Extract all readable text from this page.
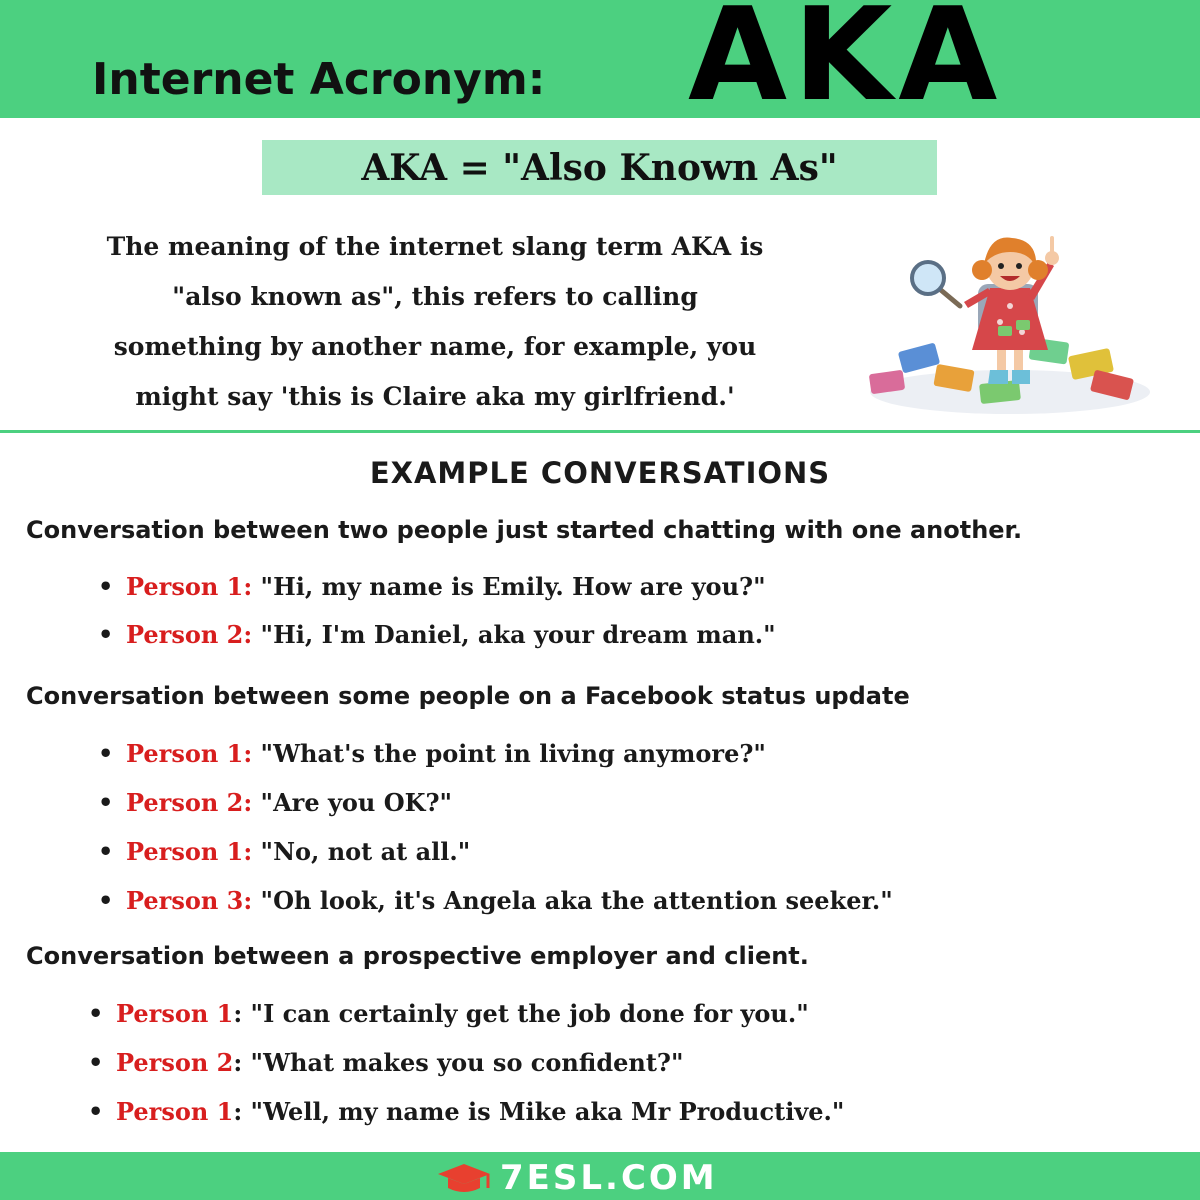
Internet Acronym: AKA
AKA = "Also Known As"
The meaning of the internet slang term AKA is
"also known as", this refers to calling
something by another name, for example, you
might say 'this is Claire aka my girlfriend.'
EXAMPLE CONVERSATIONS
Conversation between two people just started chatting with one another.
• Person 1: "Hi, my name is Emily. How are you?"
• Person 2: "Hi, I'm Daniel, aka your dream man."
Conversation between some people on a Facebook status update
• Person 1: "What's the point in living anymore?"
• Person 2: "Are you OK?"
• Person 1: "No, not at all."
• Person 3: "Oh look, it's Angela aka the attention seeker."
Conversation between a prospective employer and client.
• Person 1: "I can certainly get the job done for you."
• Person 2: "What makes you so confident?"
• Person 1: "Well, my name is Mike aka Mr Productive."
7ESL.COM
